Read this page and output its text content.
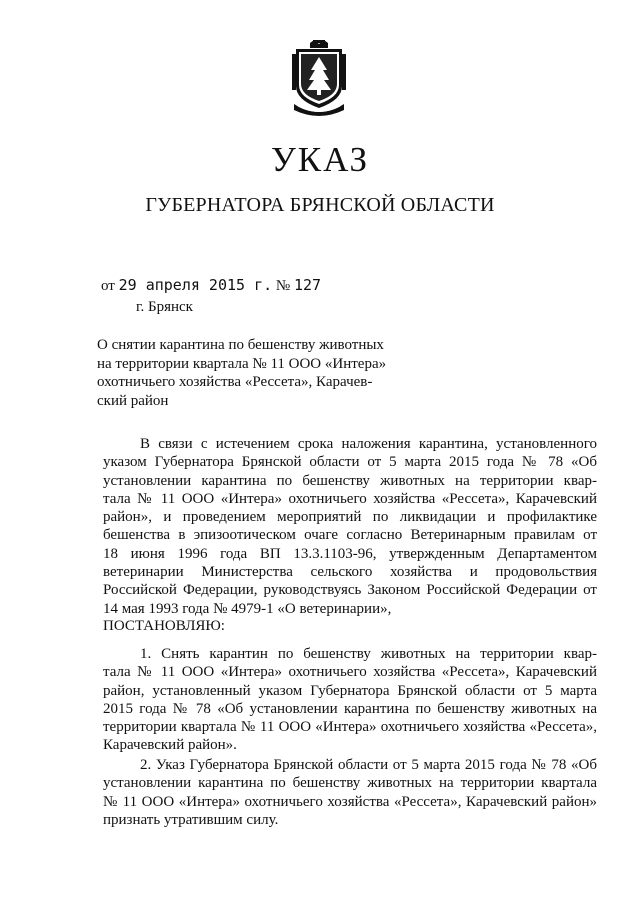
УКАЗ
ГУБЕРНАТОРА БРЯНСКОЙ ОБЛАСТИ
от 29 апреля 2015 г. № 127
г. Брянск
О снятии карантина по бешенству животных
на территории квартала № 11 ООО «Интера»
охотничьего хозяйства «Рессета», Карачев-
ский район
В связи с истечением срока наложения карантина, установленного
указом Губернатора Брянской области от 5 марта 2015 года № 78 «Об
установлении карантина по бешенству животных на территории квар-
тала № 11 ООО «Интера» охотничьего хозяйства «Рессета», Карачевский
район», и проведением мероприятий по ликвидации и профилактике
бешенства в эпизоотическом очаге согласно Ветеринарным правилам от
18 июня 1996 года ВП 13.3.1103-96, утвержденным Департаментом
ветеринарии Министерства сельского хозяйства и продовольствия
Российской Федерации, руководствуясь Законом Российской Федерации от
14 мая 1993 года № 4979-1 «О ветеринарии»,
ПОСТАНОВЛЯЮ:
1. Снять карантин по бешенству животных на территории квар-
тала № 11 ООО «Интера» охотничьего хозяйства «Рессета», Карачевский
район, установленный указом Губернатора Брянской области от 5 марта
2015 года № 78 «Об установлении карантина по бешенству животных на
территории квартала № 11 ООО «Интера» охотничьего хозяйства «Рессета»,
Карачевский район».
2. Указ Губернатора Брянской области от 5 марта 2015 года № 78 «Об
установлении карантина по бешенству животных на территории квартала
№ 11 ООО «Интера» охотничьего хозяйства «Рессета», Карачевский район»
признать утратившим силу.
